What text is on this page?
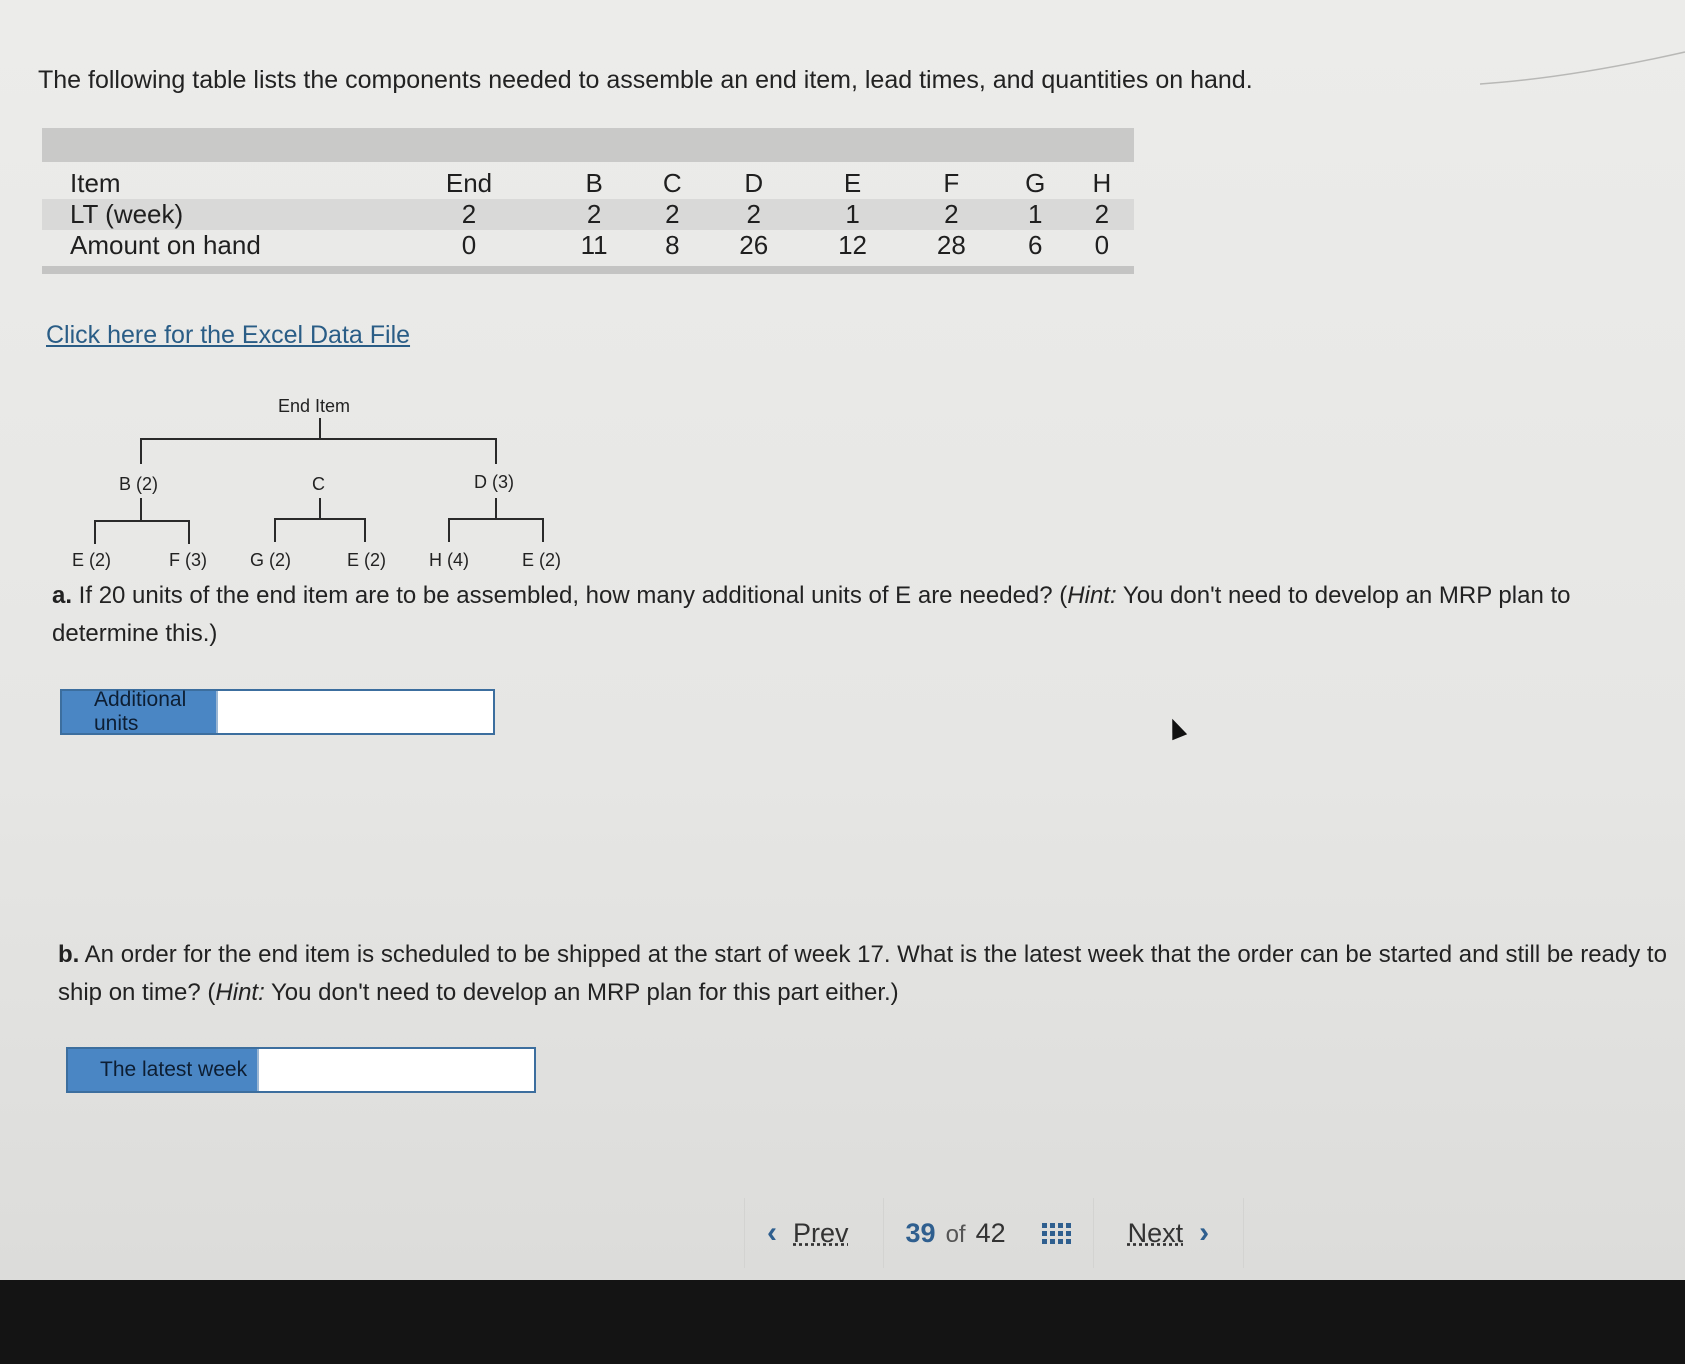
The following table lists the components needed to assemble an end item, lead times, and quantities on hand.
Item	End	B	C	D	E	F	G	H
LT (week)	2	2	2	2	1	2	1	2
Amount on hand	0	11	8	26	12	28	6	0
Click here for the Excel Data File
End Item
B (2)	C	D (3)
E (2)	F (3) G (2)	E (2) H (4)	E (2)
a. If 20 units of the end item are to be assembled, how many additional units of E are needed? (Hint: You don't need to develop an MRP plan to determine this.)
Additional units
b. An order for the end item is scheduled to be shipped at the start of week 17. What is the latest week that the order can be started and still be ready to ship on time? (Hint: You don't need to develop an MRP plan for this part either.)
The latest week
‹ Prev 39 of 42	Next ›
